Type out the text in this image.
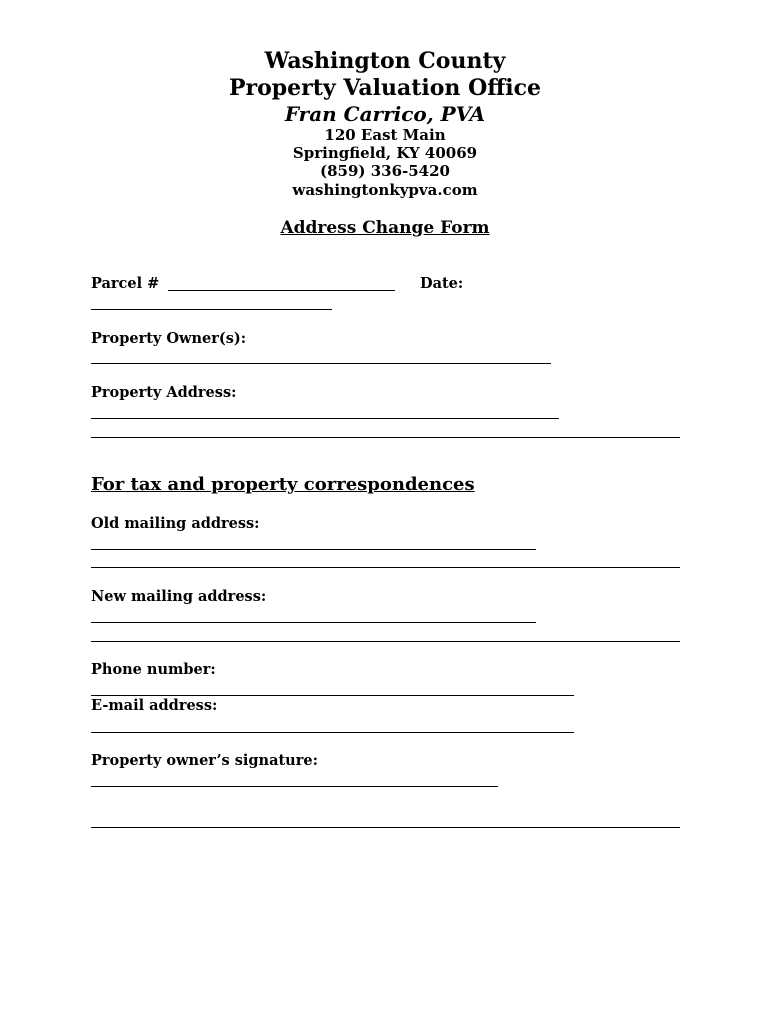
Washington County
Property Valuation Office
Fran Carrico, PVA
120 East Main
Springfield, KY 40069
(859) 336-5420
washingtonkypva.com
Address Change Form
Parcel #	Date:
Property Owner(s):
Property Address:
For tax and property correspondences
Old mailing address:
New mailing address:
Phone number:
E-mail address:
Property owner’s signature:
